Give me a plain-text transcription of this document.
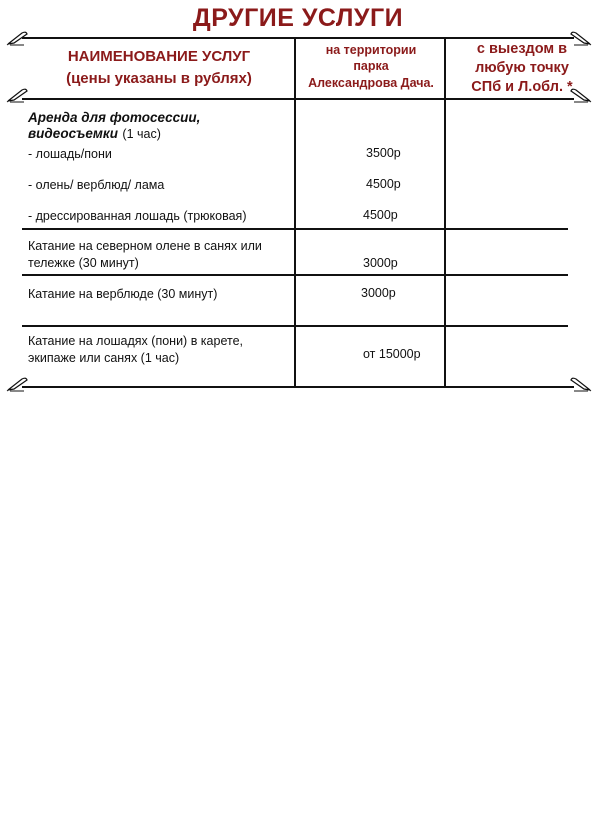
ДРУГИЕ УСЛУГИ
НАИМЕНОВАНИЕ УСЛУГ
(цены указаны в рублях)
на территории
парка
Александрова Дача.
с выездом в
любую точку
СПб и Л.обл. *
Аренда для фотосессии,
видеосъемки (1 час)
- лошадь/пони	3500р
- олень/ верблюд/ лама	4500р
- дрессированная лошадь (трюковая)	4500р
Катание на северном олене в санях или
тележке (30 минут)	3000р
Катание на верблюде (30 минут)	3000р
Катание на лошадях (пони) в карете,
экипаже или санях (1 час)	от 15000р
